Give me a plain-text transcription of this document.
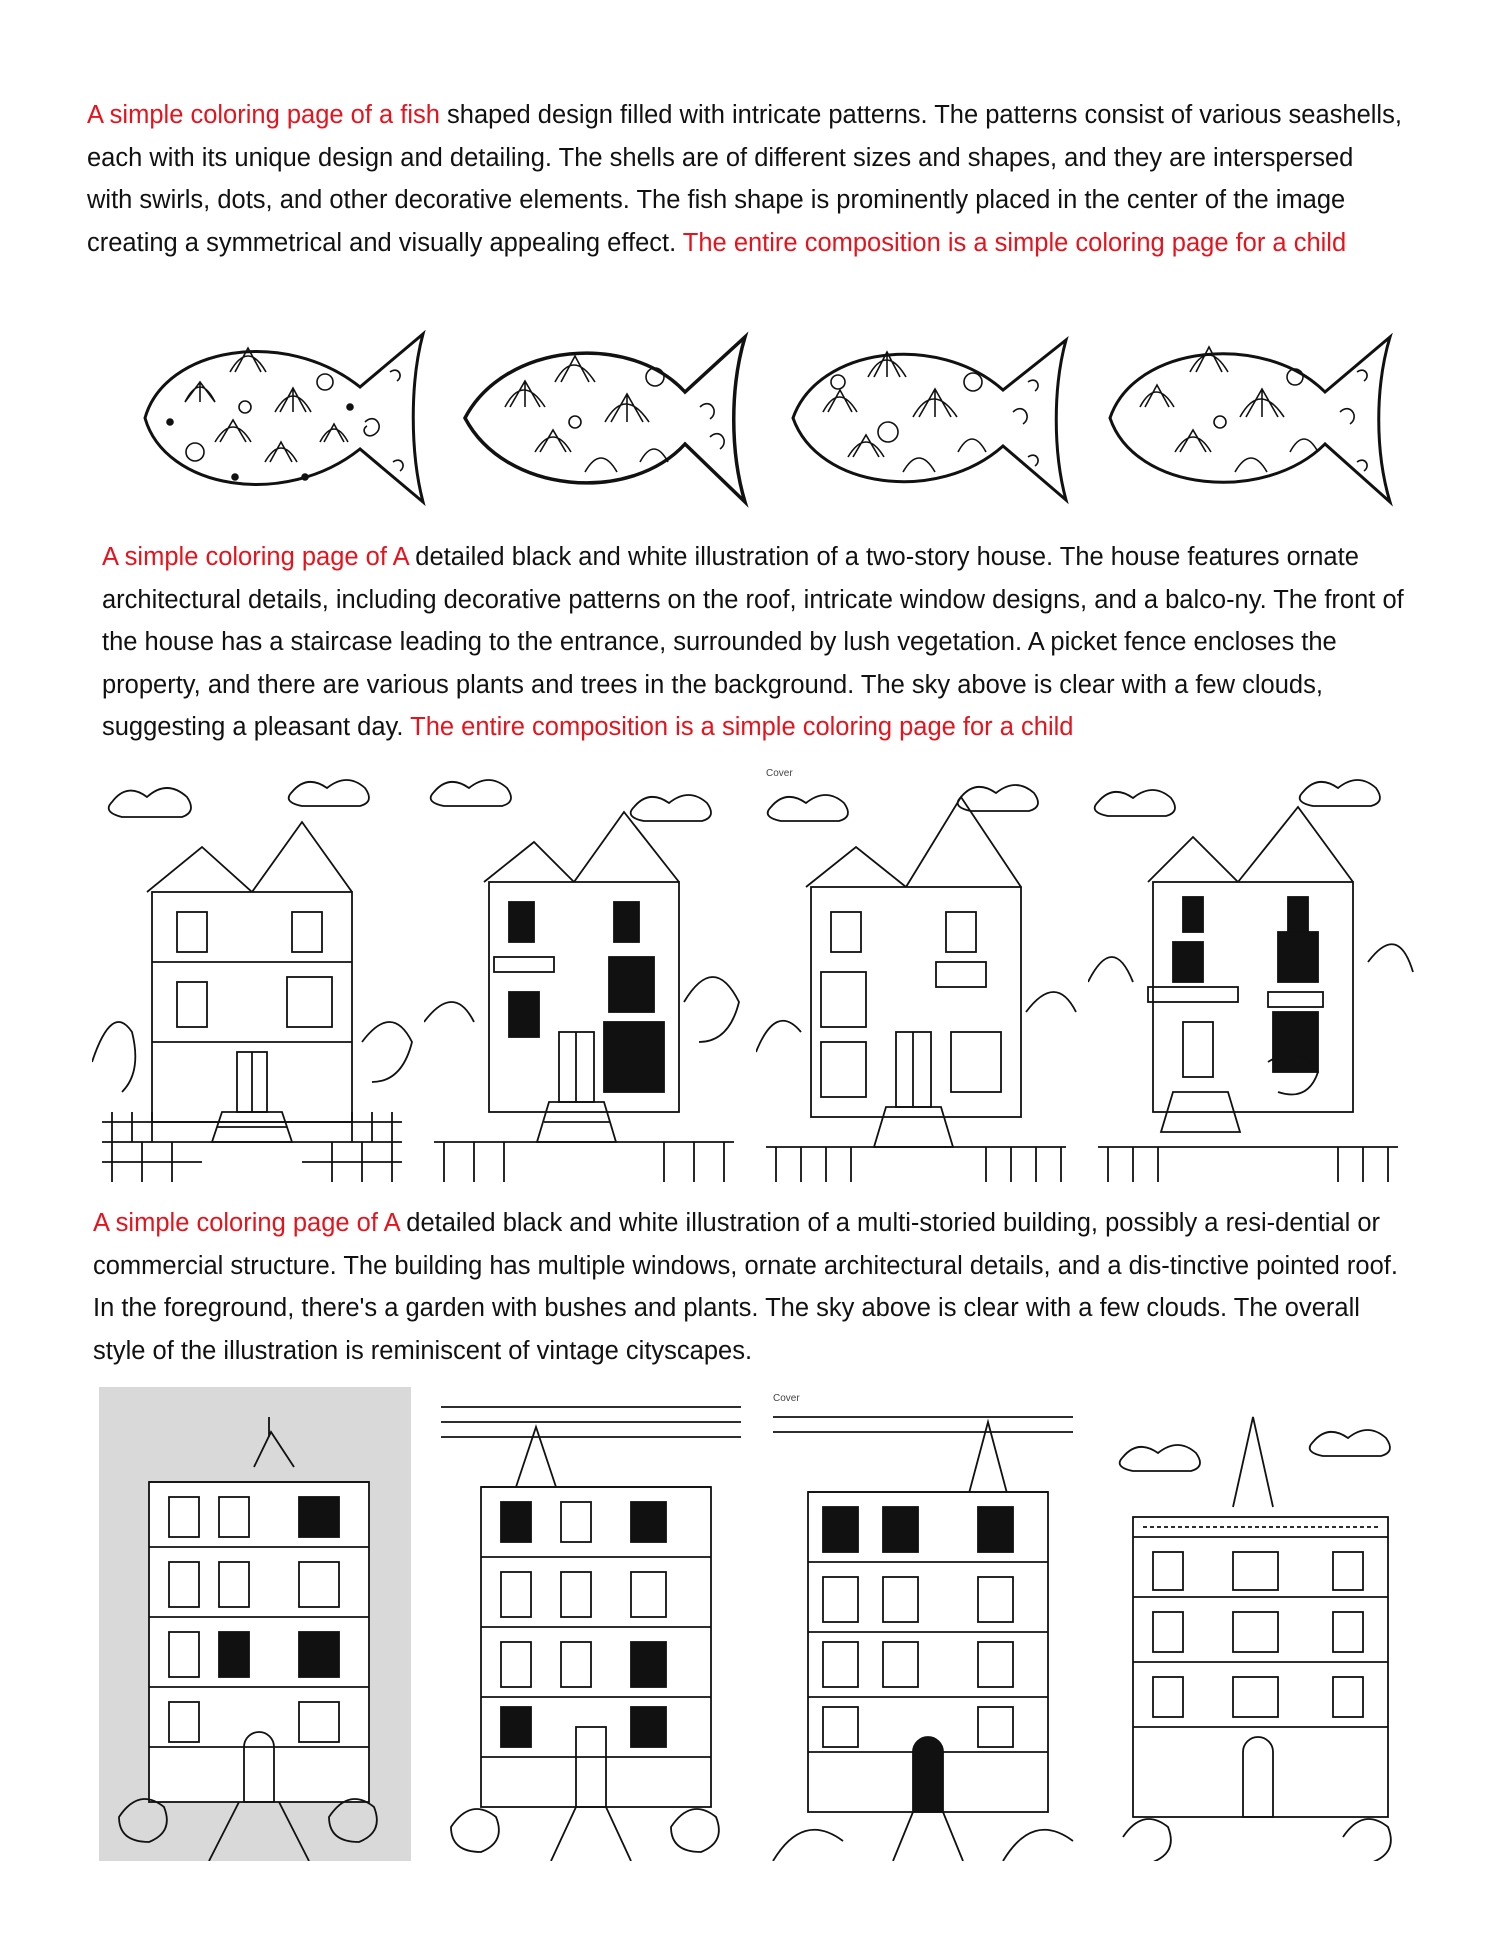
A simple coloring page of a fish shaped design filled with intricate patterns. The patterns consist of various seashells, each with its unique design and detailing. The shells are of different sizes and shapes, and they are interspersed with swirls, dots, and other decorative elements. The fish shape is prominently placed in the center of the image creating a symmetrical and visually appealing effect. The entire composition is a simple coloring page for a child
A simple coloring page of A detailed black and white illustration of a two-story house. The house features ornate architectural details, including decorative patterns on the roof, intricate window designs, and a balco-ny. The front of the house has a staircase leading to the entrance, surrounded by lush vegetation. A picket fence encloses the property, and there are various plants and trees in the background. The sky above is clear with a few clouds, suggesting a pleasant day. The entire composition is a simple coloring page for a child
Cover
A simple coloring page of A detailed black and white illustration of a multi-storied building, possibly a resi-dential or commercial structure. The building has multiple windows, ornate architectural details, and a dis-tinctive pointed roof. In the foreground, there's a garden with bushes and plants. The sky above is clear with a few clouds. The overall style of the illustration is reminiscent of vintage cityscapes.
Cover
